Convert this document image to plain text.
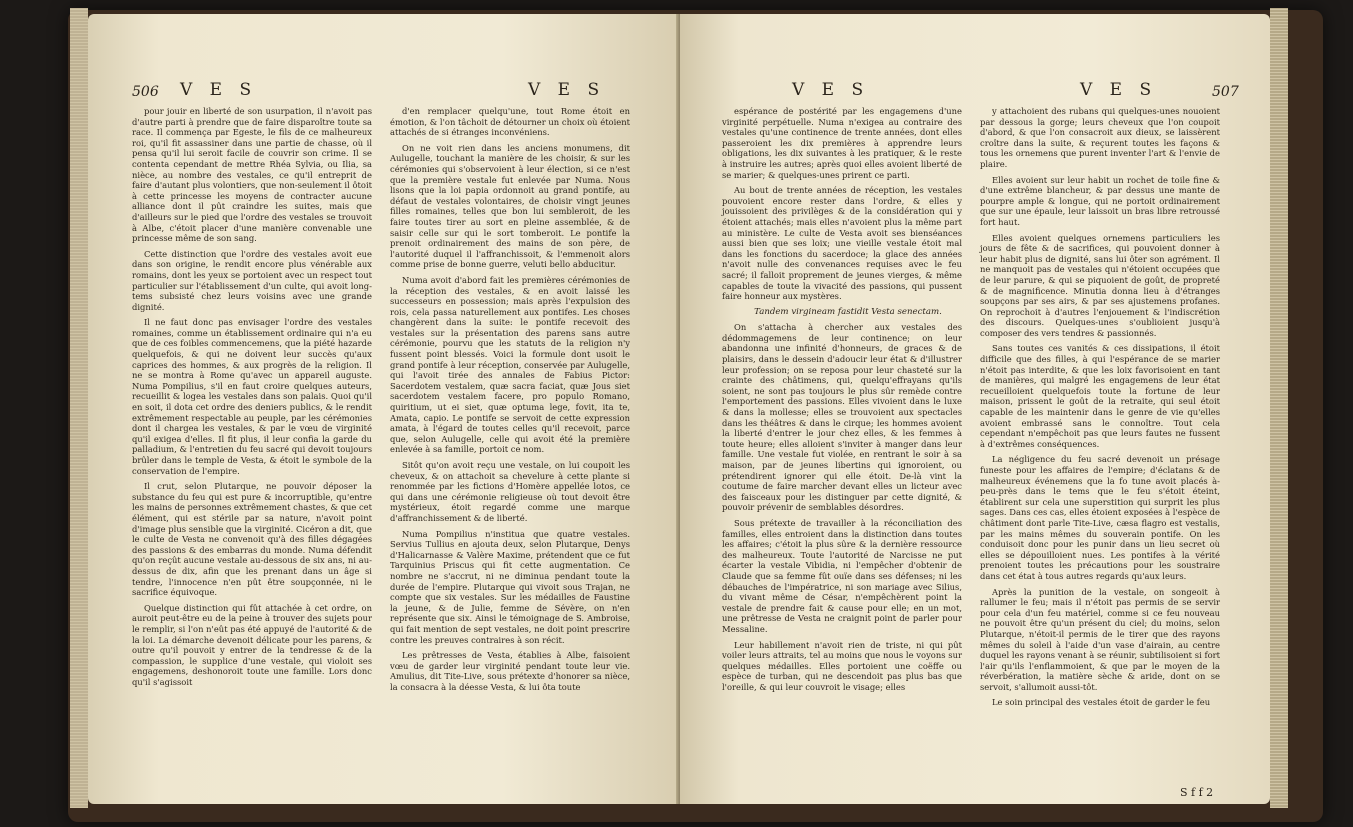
506 V E S	V E S

pour jouir en liberté de son usurpation, il n'avoit pas d'autre parti à prendre que de faire disparoître toute sa race. Il commença par Egeste, le fils de ce malheureux roi, qu'il fit assassiner dans une partie de chasse, où il pensa qu'il lui seroit facile de couvrir son crime. Il se contenta cependant de mettre Rhéa Sylvia, ou Ilia, sa nièce, au nombre des vestales, ce qu'il entreprit de faire d'autant plus volontiers, que non-seulement il ôtoit à cette princesse les moyens de contracter aucune alliance dont il pût craindre les suites, mais que d'ailleurs sur le pied que l'ordre des vestales se trouvoit à Albe, c'étoit placer d'une manière convenable une princesse même de son sang.

Cette distinction que l'ordre des vestales avoit eue dans son origine, le rendit encore plus vénérable aux romains, dont les yeux se portoient avec un respect tout particulier sur l'établissement d'un culte, qui avoit long-tems subsisté chez leurs voisins avec une grande dignité.

Il ne faut donc pas envisager l'ordre des vestales romaines, comme un établissement ordinaire qui n'a eu que de ces foibles commencemens, que la piété hazarde quelquefois, & qui ne doivent leur succès qu'aux caprices des hommes, & aux progrès de la religion. Il ne se montra à Rome qu'avec un appareil auguste. Numa Pompilius, s'il en faut croire quelques auteurs, recueillit & logea les vestales dans son palais. Quoi qu'il en soit, il dota cet ordre des deniers publics, & le rendit extrêmement respectable au peuple, par les cérémonies dont il chargea les vestales, & par le vœu de virginité qu'il exigea d'elles. Il fit plus, il leur confia la garde du palladium, & l'entretien du feu sacré qui devoit toujours brûler dans le temple de Vesta, & étoit le symbole de la conservation de l'empire.

Il crut, selon Plutarque, ne pouvoir déposer la substance du feu qui est pure & incorruptible, qu'entre les mains de personnes extrêmement chastes, & que cet élément, qui est stérile par sa nature, n'avoit point d'image plus sensible que la virginité. Cicéron a dit, que le culte de Vesta ne convenoit qu'à des filles dégagées des passions & des embarras du monde. Numa défendit qu'on reçût aucune vestale au-dessous de six ans, ni au-dessus de dix, afin que les prenant dans un âge si tendre, l'innocence n'en pût être soupçonnée, ni le sacrifice équivoque.

Quelque distinction qui fût attachée à cet ordre, on auroit peut-être eu de la peine à trouver des sujets pour le remplir, si l'on n'eût pas été appuyé de l'autorité & de la loi. La démarche devenoit délicate pour les parens, & outre qu'il pouvoit y entrer de la tendresse & de la compassion, le supplice d'une vestale, qui violoit ses engagemens, deshonoroit toute une famille. Lors donc qu'il s'agissoit

d'en remplacer quelqu'une, tout Rome étoit en émotion, & l'on tâchoit de détourner un choix où étoient attachés de si étranges inconvéniens.

On ne voit rien dans les anciens monumens, dit Aulugelle, touchant la manière de les choisir, & sur les cérémonies qui s'observoient à leur élection, si ce n'est que la première vestale fut enlevée par Numa. Nous lisons que la loi papia ordonnoit au grand pontife, au défaut de vestales volontaires, de choisir vingt jeunes filles romaines, telles que bon lui sembleroit, de les faire toutes tirer au sort en pleine assemblée, & de saisir celle sur qui le sort tomberoit. Le pontife la prenoit ordinairement des mains de son père, de l'autorité duquel il l'affranchissoit, & l'emmenoit alors comme prise de bonne guerre, veluti bello abducitur.

Numa avoit d'abord fait les premières cérémonies de la réception des vestales, & en avoit laissé les successeurs en possession; mais après l'expulsion des rois, cela passa naturellement aux pontifes. Les choses changèrent dans la suite: le pontife recevoit des vestales sur la présentation des parens sans autre cérémonie, pourvu que les statuts de la religion n'y fussent point blessés. Voici la formule dont usoit le grand pontife à leur réception, conservée par Aulugelle, qui l'avoit tirée des annales de Fabius Pictor: Sacerdotem vestalem, quæ sacra faciat, quæ Jous siet sacerdotem vestalem facere, pro populo Romano, quiritium, ut ei siet, quæ optuma lege, fovit, ita te, Amata, capio. Le pontife se servoit de cette expression amata, à l'égard de toutes celles qu'il recevoit, parce que, selon Aulugelle, celle qui avoit été la première enlevée à sa famille, portoit ce nom.

Sitôt qu'on avoit reçu une vestale, on lui coupoit les cheveux, & on attachoit sa chevelure à cette plante si renommée par les fictions d'Homère appellée lotos, ce qui dans une cérémonie religieuse où tout devoit être mystérieux, étoit regardé comme une marque d'affranchissement & de liberté.

Numa Pompilius n'institua que quatre vestales. Servius Tullius en ajouta deux, selon Plutarque, Denys d'Halicarnasse & Valère Maxime, prétendent que ce fut Tarquinius Priscus qui fit cette augmentation. Ce nombre ne s'accrut, ni ne diminua pendant toute la durée de l'empire. Plutarque qui vivoit sous Trajan, ne compte que six vestales. Sur les médailles de Faustine la jeune, & de Julie, femme de Sévère, on n'en représente que six. Ainsi le témoignage de S. Ambroise, qui fait mention de sept vestales, ne doit point prescrire contre les preuves contraires à son récit.

Les prêtresses de Vesta, établies à Albe, faisoient vœu de garder leur virginité pendant toute leur vie. Amulius, dit Tite-Live, sous prétexte d'honorer sa nièce, la consacra à la déesse Vesta, & lui ôta toute

V E S	V E S	507

espérance de postérité par les engagemens d'une virginité perpétuelle. Numa n'exigea au contraire des vestales qu'une continence de trente années, dont elles passeroient les dix premières à apprendre leurs obligations, les dix suivantes à les pratiquer, & le reste à instruire les autres; après quoi elles avoient liberté de se marier; & quelques-unes prirent ce parti.

Au bout de trente années de réception, les vestales pouvoient encore rester dans l'ordre, & elles y jouissoient des privilèges & de la considération qui y étoient attachés; mais elles n'avoient plus la même part au ministère. Le culte de Vesta avoit ses bienséances aussi bien que ses loix; une vieille vestale étoit mal dans les fonctions du sacerdoce; la glace des années n'avoit nulle des convenances requises avec le feu sacré; il falloit proprement de jeunes vierges, & même capables de toute la vivacité des passions, qui pussent faire honneur aux mystères.

Tandem virgineam fastidit Vesta senectam.

On s'attacha à chercher aux vestales des dédommagemens de leur continence; on leur abandonna une infinité d'honneurs, de graces & de plaisirs, dans le dessein d'adoucir leur état & d'illustrer leur profession; on se reposa pour leur chasteté sur la crainte des châtimens, qui, quelqu'effrayans qu'ils soient, ne sont pas toujours le plus sûr remède contre l'emportement des passions. Elles vivoient dans le luxe & dans la mollesse; elles se trouvoient aux spectacles dans les théâtres & dans le cirque; les hommes avoient la liberté d'entrer le jour chez elles, & les femmes à toute heure; elles alloient s'inviter à manger dans leur famille. Une vestale fut violée, en rentrant le soir à sa maison, par de jeunes libertins qui ignoroient, ou prétendirent ignorer qui elle étoit. De-là vint la coutume de faire marcher devant elles un licteur avec des faisceaux pour les distinguer par cette dignité, & pouvoir prévenir de semblables désordres.

Sous prétexte de travailler à la réconciliation des familles, elles entroient dans la distinction dans toutes les affaires; c'étoit la plus sûre & la dernière ressource des malheureux. Toute l'autorité de Narcisse ne put écarter la vestale Vibidia, ni l'empêcher d'obtenir de Claude que sa femme fût ouïe dans ses défenses; ni les débauches de l'impératrice, ni son mariage avec Silius, du vivant même de César, n'empêchèrent point la vestale de prendre fait & cause pour elle; en un mot, une prêtresse de Vesta ne craignit point de parler pour Messaline.

Leur habillement n'avoit rien de triste, ni qui pût voiler leurs attraits, tel au moins que nous le voyons sur quelques médailles. Elles portoient une coëffe ou espèce de turban, qui ne descendoit pas plus bas que l'oreille, & qui leur couvroit le visage; elles

y attachoient des rubans qui quelques-unes nouoient par dessous la gorge; leurs cheveux que l'on coupoit d'abord, & que l'on consacroit aux dieux, se laissèrent croître dans la suite, & reçurent toutes les façons & tous les ornemens que purent inventer l'art & l'envie de plaire.

Elles avoient sur leur habit un rochet de toile fine & d'une extrême blancheur, & par dessus une mante de pourpre ample & longue, qui ne portoit ordinairement que sur une épaule, leur laissoit un bras libre retroussé fort haut.

Elles avoient quelques ornemens particuliers les jours de fête & de sacrifices, qui pouvoient donner à leur habit plus de dignité, sans lui ôter son agrément. Il ne manquoit pas de vestales qui n'étoient occupées que de leur parure, & qui se piquoient de goût, de propreté & de magnificence. Minutia donna lieu à d'étranges soupçons par ses airs, & par ses ajustemens profanes. On reprochoit à d'autres l'enjouement & l'indiscrétion des discours. Quelques-unes s'oublioient jusqu'à composer des vers tendres & passionnés.

Sans toutes ces vanités & ces dissipations, il étoit difficile que des filles, à qui l'espérance de se marier n'étoit pas interdite, & que les loix favorisoient en tant de manières, qui malgré les engagemens de leur état recueilloient quelquefois toute la fortune de leur maison, prissent le goût de la retraite, qui seul étoit capable de les maintenir dans le genre de vie qu'elles avoient embrassé sans le connoître. Tout cela cependant n'empêchoit pas que leurs fautes ne fussent à d'extrêmes conséquences.

La négligence du feu sacré devenoit un présage funeste pour les affaires de l'empire; d'éclatans & de malheureux événemens que la fo tune avoit placés à-peu-près dans le tems que le feu s'étoit éteint, établirent sur cela une superstition qui surprit les plus sages. Dans ces cas, elles étoient exposées à l'espèce de châtiment dont parle Tite-Live, cæsa flagro est vestalis, par les mains mêmes du souverain pontife. On les conduisoit donc pour les punir dans un lieu secret où elles se dépouilloient nues. Les pontifes à la vérité prenoient toutes les précautions pour les soustraire dans cet état à tous autres regards qu'aux leurs.

Après la punition de la vestale, on songeoit à rallumer le feu; mais il n'étoit pas permis de se servir pour cela d'un feu matériel, comme si ce feu nouveau ne pouvoit être qu'un présent du ciel; du moins, selon Plutarque, n'étoit-il permis de le tirer que des rayons mêmes du soleil à l'aide d'un vase d'airain, au centre duquel les rayons venant à se réunir, subtilisoient si fort l'air qu'ils l'enflammoient, & que par le moyen de la réverbération, la matière sèche & aride, dont on se servoit, s'allumoit aussi-tôt.

Le soin principal des vestales étoit de garder le feu

S f f 2
